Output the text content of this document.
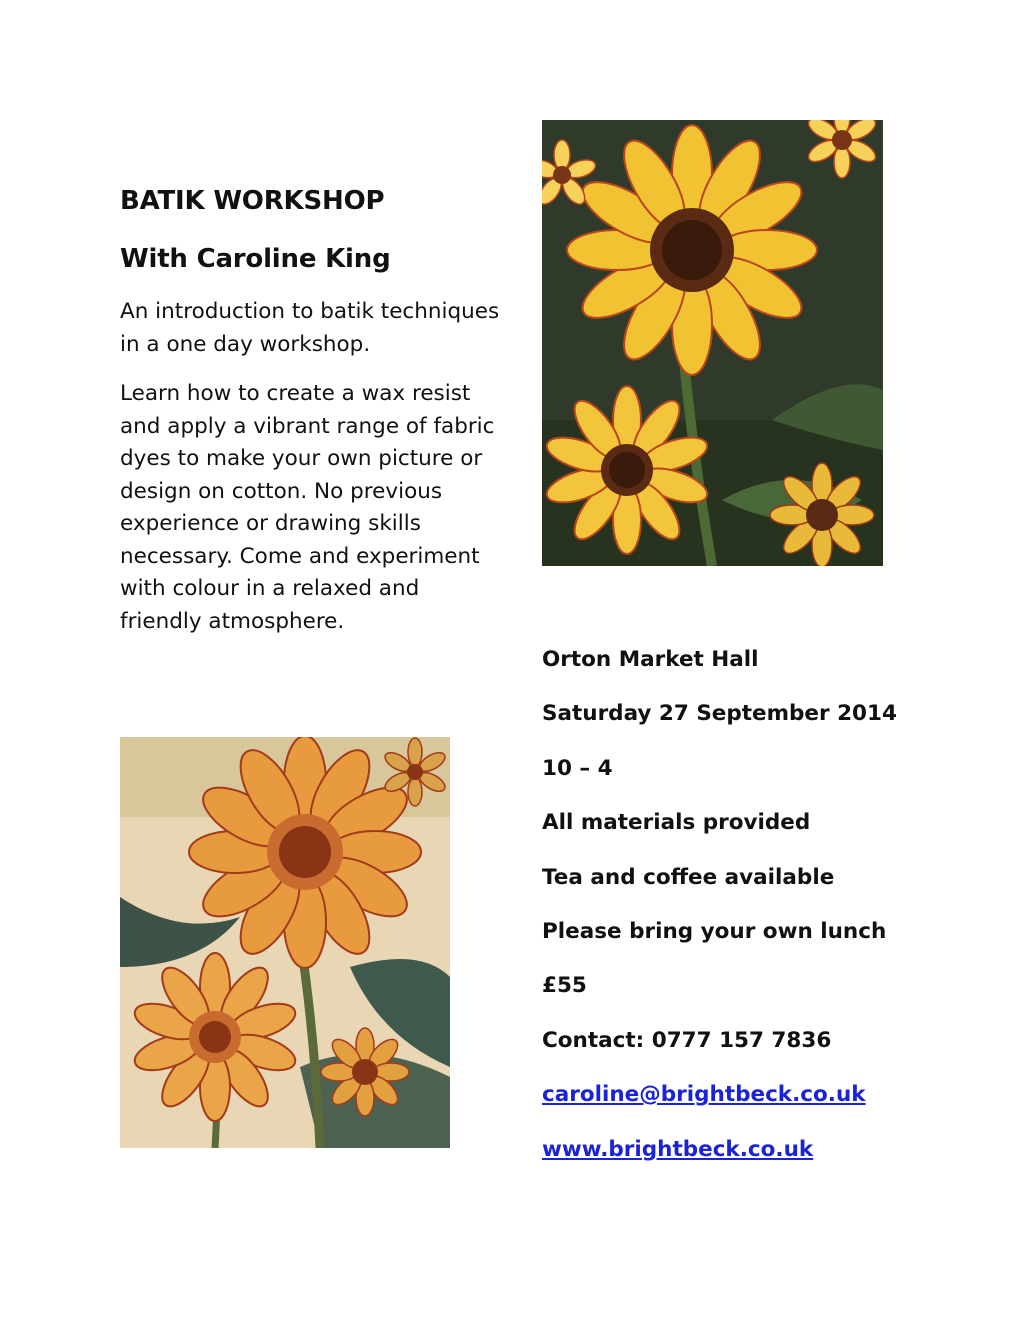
BATIK WORKSHOP
With Caroline King

An introduction to batik techniques in a one day workshop.

Learn how to create a wax resist and apply a vibrant range of fabric dyes to make your own picture or design on cotton. No previous experience or drawing skills necessary. Come and experiment with colour in a relaxed and friendly atmosphere.

Orton Market Hall

Saturday 27 September 2014

10 – 4

All materials provided

Tea and coffee available

Please bring your own lunch

£55

Contact: 0777 157 7836

caroline@brightbeck.co.uk

www.brightbeck.co.uk
